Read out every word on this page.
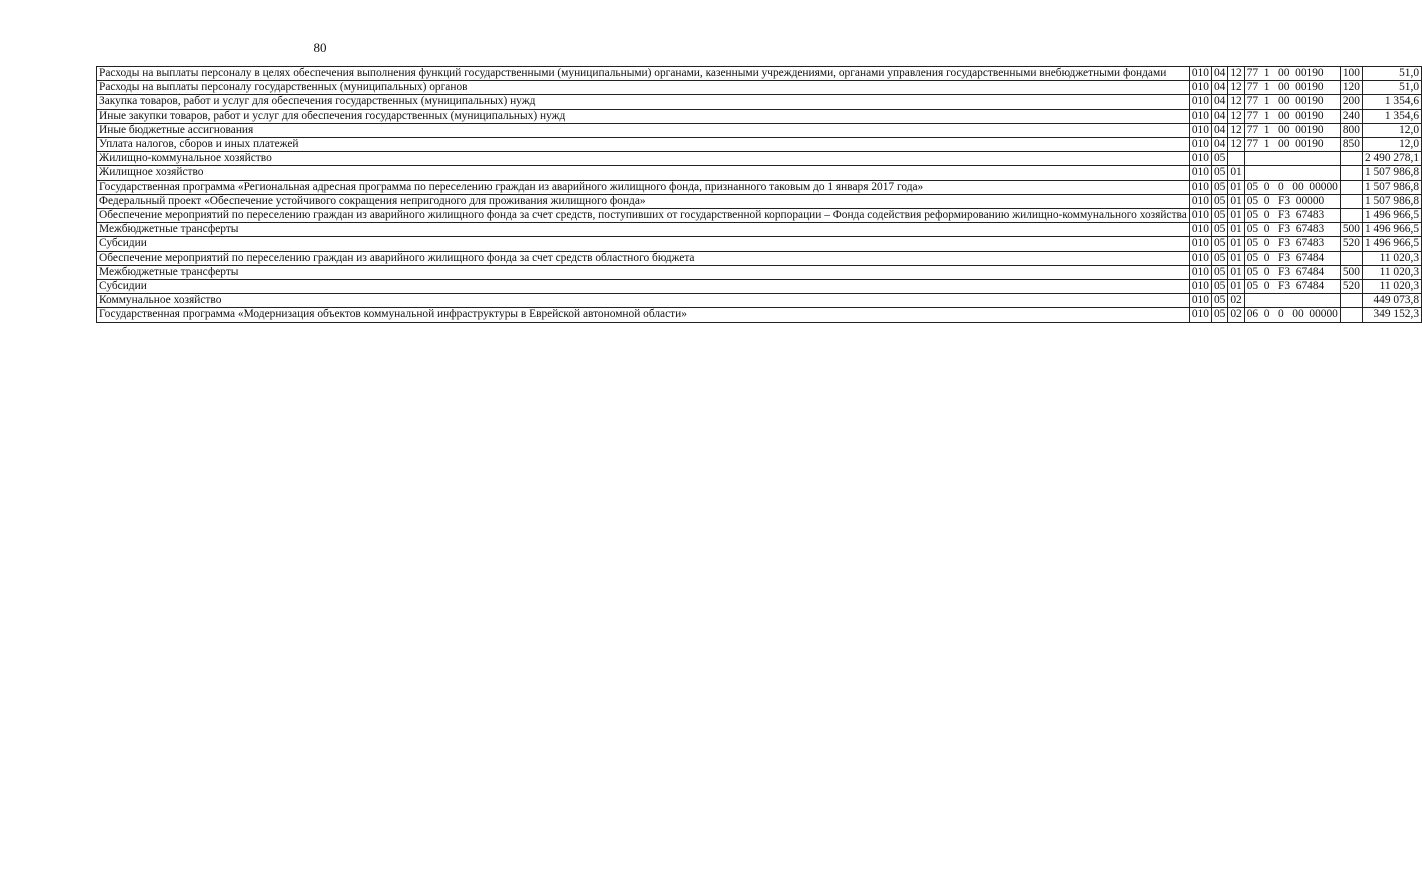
80
Расходы на выплаты персоналу в целях обеспечения выполнения функций государственными (муниципальными) органами, казенными учреждениями, органами управления государственными внебюджетными фондами	010	04	12	77  1   00  00190	100	51,0
Расходы на выплаты персоналу государственных (муниципальных) органов	010	04	12	77  1   00  00190	120	51,0
Закупка товаров, работ и услуг для обеспечения государственных (муниципальных) нужд	010	04	12	77  1   00  00190	200	1 354,6
Иные закупки товаров, работ и услуг для обеспечения государственных (муниципальных) нужд	010	04	12	77  1   00  00190	240	1 354,6
Иные бюджетные ассигнования	010	04	12	77  1   00  00190	800	12,0
Уплата налогов, сборов и иных платежей	010	04	12	77  1   00  00190	850	12,0
Жилищно-коммунальное хозяйство	010	05				2 490 278,1
Жилищное хозяйство	010	05	01			1 507 986,8
Государственная программа «Региональная адресная программа по переселению граждан из аварийного жилищного фонда, признанного таковым до 1 января 2017 года»	010	05	01	05  0   0   00  00000		1 507 986,8
Федеральный проект «Обеспечение устойчивого сокращения непригодного для проживания жилищного фонда»	010	05	01	05  0   F3  00000		1 507 986,8
Обеспечение мероприятий по переселению граждан из аварийного жилищного фонда за счет средств, поступивших от государственной корпорации – Фонда содействия реформированию жилищно-коммунального хозяйства	010	05	01	05  0   F3  67483		1 496 966,5
Межбюджетные трансферты	010	05	01	05  0   F3  67483	500	1 496 966,5
Субсидии	010	05	01	05  0   F3  67483	520	1 496 966,5
Обеспечение мероприятий по переселению граждан из аварийного жилищного фонда за счет средств областного бюджета	010	05	01	05  0   F3  67484		11 020,3
Межбюджетные трансферты	010	05	01	05  0   F3  67484	500	11 020,3
Субсидии	010	05	01	05  0   F3  67484	520	11 020,3
Коммунальное хозяйство	010	05	02			449 073,8
Государственная программа «Модернизация объектов коммунальной инфраструктуры в Еврейской автономной области»	010	05	02	06  0   0   00  00000		349 152,3
